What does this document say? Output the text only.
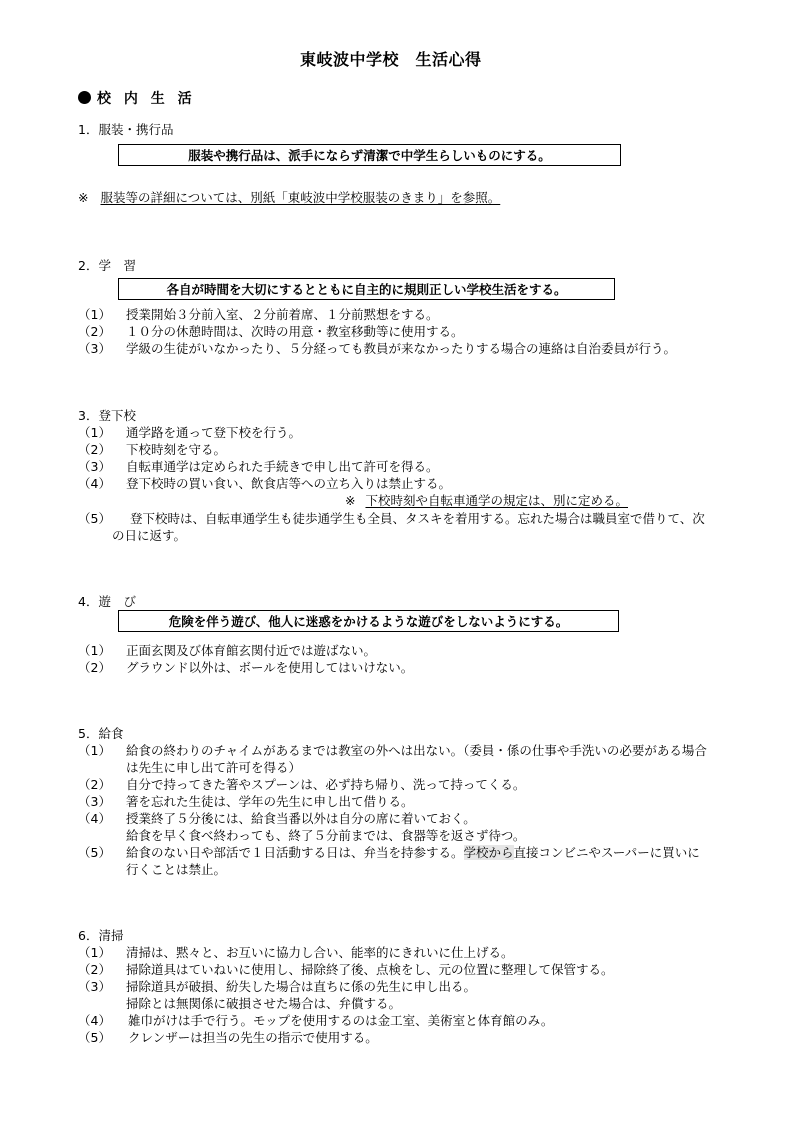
東岐波中学校　生活心得
校 内 生 活
1．服装・携行品
服装や携行品は、派手にならず清潔で中学生らしいものにする。
※ 服装等の詳細については、別紙「東岐波中学校服装のきまり」を参照。
2．学　習
各自が時間を大切にするとともに自主的に規則正しい学校生活をする。
（1） 授業開始３分前入室、２分前着席、１分前黙想をする。
（2） １０分の休憩時間は、次時の用意・教室移動等に使用する。
（3） 学級の生徒がいなかったり、５分経っても教員が来なかったりする場合の連絡は自治委員が行う。
3．登下校
（1） 通学路を通って登下校を行う。
（2） 下校時刻を守る。
（3） 自転車通学は定められた手続きで申し出て許可を得る。
（4） 登下校時の買い食い、飲食店等への立ち入りは禁止する。
※ 下校時刻や自転車通学の規定は、別に定める。
（5） 登下校時は、自転車通学生も徒歩通学生も全員、タスキを着用する。忘れた場合は職員室で借りて、次
の日に返す。
4．遊　び
危険を伴う遊び、他人に迷惑をかけるような遊びをしないようにする。
（1） 正面玄関及び体育館玄関付近では遊ばない。
（2） グラウンド以外は、ボールを使用してはいけない。
5．給食
（1） 給食の終わりのチャイムがあるまでは教室の外へは出ない。（委員・係の仕事や手洗いの必要がある場合
は先生に申し出て許可を得る）
（2） 自分で持ってきた箸やスプーンは、必ず持ち帰り、洗って持ってくる。
（3） 箸を忘れた生徒は、学年の先生に申し出て借りる。
（4） 授業終了５分後には、給食当番以外は自分の席に着いておく。
給食を早く食べ終わっても、終了５分前までは、食器等を返さず待つ。
（5） 給食のない日や部活で１日活動する日は、弁当を持参する。学校から直接コンビニやスーパーに買いに
行くことは禁止。
6．清掃
（1） 清掃は、黙々と、お互いに協力し合い、能率的にきれいに仕上げる。
（2） 掃除道具はていねいに使用し、掃除終了後、点検をし、元の位置に整理して保管する。
（3） 掃除道具が破損、紛失した場合は直ちに係の先生に申し出る。
掃除とは無関係に破損させた場合は、弁償する。
（4） 雑巾がけは手で行う。モップを使用するのは金工室、美術室と体育館のみ。
（5） クレンザーは担当の先生の指示で使用する。
